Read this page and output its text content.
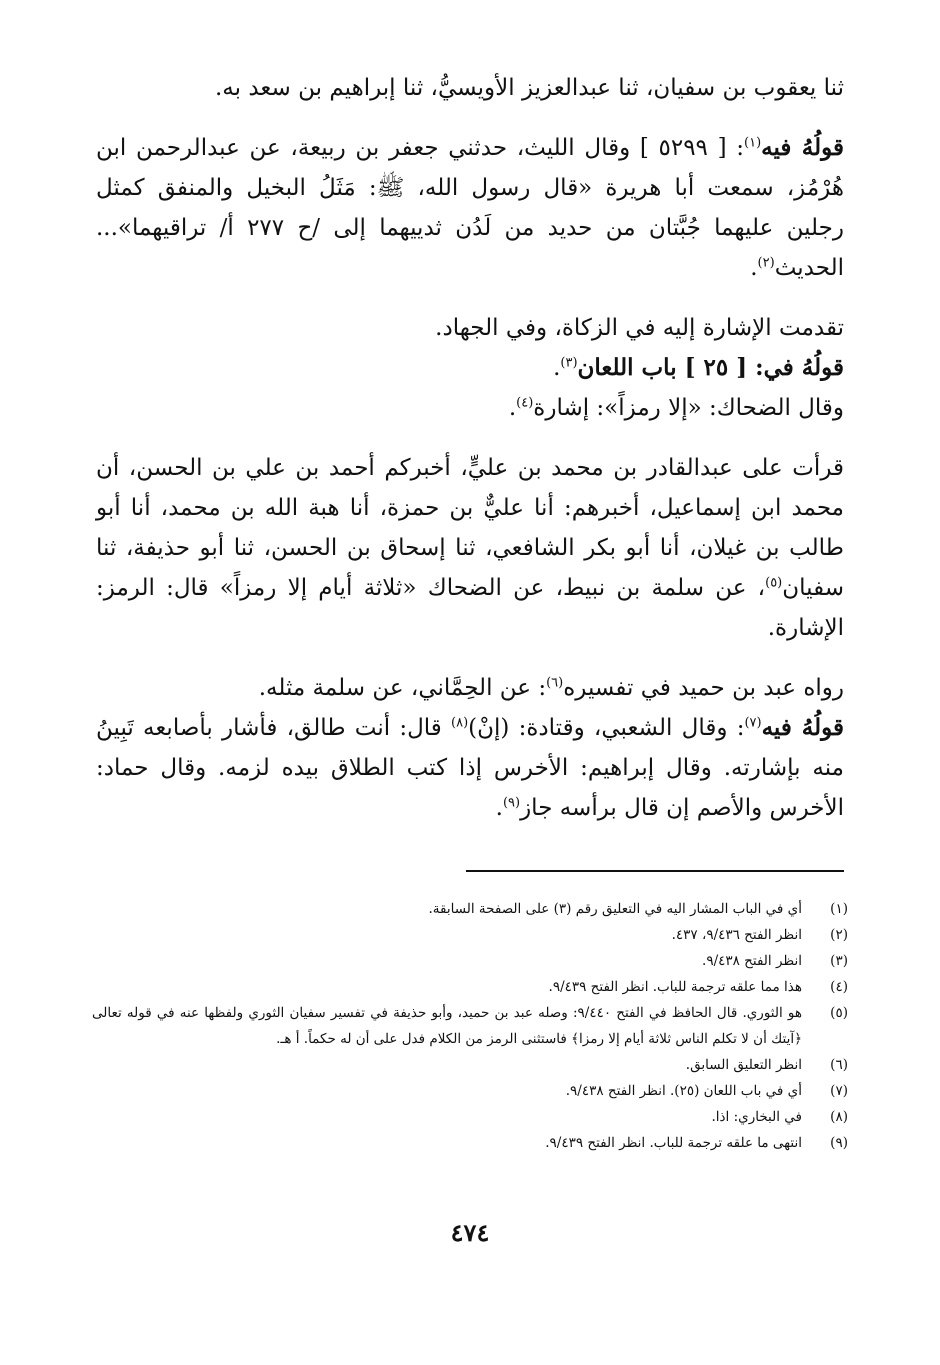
ثنا يعقوب بن سفيان، ثنا عبدالعزيز الأويسيُّ، ثنا إبراهيم بن سعد به.

قولُهُ فيه$^{(١)}$: [ ٥٢٩٩ ] وقال الليث، حدثني جعفر بن ربيعة، عن عبدالرحمن ابن هُرْمُز، سمعت أبا هريرة «قال رسول الله، ﷺ: مَثَلُ البخيل والمنفق كمثل رجلين عليهما جُبَّتان من حديد من لَدُن ثدييهما إلى /ح ٢٧٧ أ/ تراقيهما»... الحديث$^{(٢)}$.

تقدمت الإشارة إليه في الزكاة، وفي الجهاد.

قولُهُ في: [ ٢٥ ] باب اللعان$^{(٣)}$.

وقال الضحاك: «إلا رمزاً»: إشارة$^{(٤)}$.

قرأت على عبدالقادر بن محمد بن عليٍّ، أخبركم أحمد بن علي بن الحسن، أن محمد ابن إسماعيل، أخبرهم: أنا عليٌّ بن حمزة، أنا هبة الله بن محمد، أنا أبو طالب بن غيلان، أنا أبو بكر الشافعي، ثنا إسحاق بن الحسن، ثنا أبو حذيفة، ثنا سفيان$^{(٥)}$، عن سلمة بن نبيط، عن الضحاك «ثلاثة أيام إلا رمزاً» قال: الرمز: الإشارة.

رواه عبد بن حميد في تفسيره$^{(٦)}$: عن الحِمَّاني، عن سلمة مثله.

قولُهُ فيه$^{(٧)}$: وقال الشعبي، وقتادة: (إنْ)$^{(٨)}$ قال: أنت طالق، فأشار بأصابعه تَبِينُ منه بإشارته. وقال إبراهيم: الأخرس إذا كتب الطلاق بيده لزمه. وقال حماد: الأخرس والأصم إن قال برأسه جاز$^{(٩)}$.

(١)
أي في الباب المشار اليه في التعليق رقم (٣) على الصفحة السابقة.
(٢)
انظر الفتح ٩/٤٣٦، ٤٣٧.
(٣)
انظر الفتح ٩/٤٣٨.
(٤)
هذا مما علقه ترجمة للباب. انظر الفتح ٩/٤٣٩.
(٥)
هو الثوري. قال الحافظ في الفتح ٩/٤٤٠: وصله عبد بن حميد، وأبو حذيفة في تفسير سفيان الثوري ولفظها عنه في قوله تعالى ﴿آيتك أن لا تكلم الناس ثلاثة أيام إلا رمزا﴾ فاستثنى الرمز من الكلام فدل على أن له حكماً. أ هـ.
(٦)
انظر التعليق السابق.
(٧)
أي في باب اللعان (٢٥). انظر الفتح ٩/٤٣٨.
(٨)
في البخاري: اذا.
(٩)
انتهى ما علقه ترجمة للباب. انظر الفتح ٩/٤٣٩.
٤٧٤
